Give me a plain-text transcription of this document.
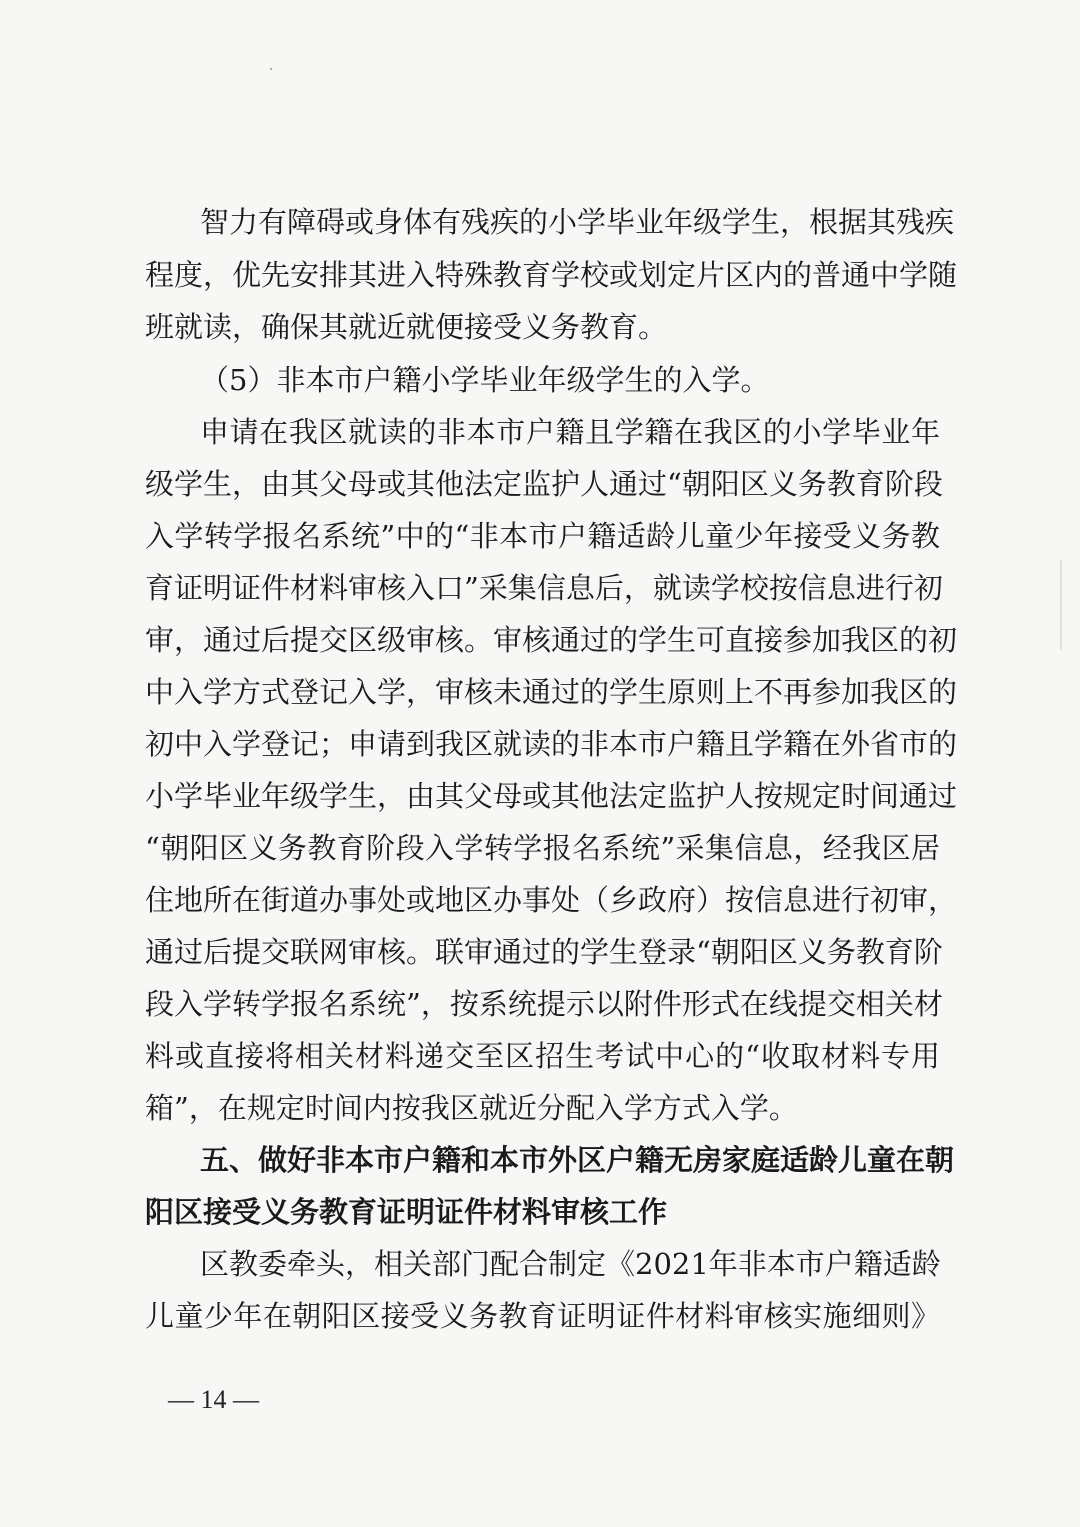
智力有障碍或身体有残疾的小学毕业年级学生，根据其残疾
程度，优先安排其进入特殊教育学校或划定片区内的普通中学随
班就读，确保其就近就便接受义务教育。
（5）非本市户籍小学毕业年级学生的入学。
申请在我区就读的非本市户籍且学籍在我区的小学毕业年
级学生，由其父母或其他法定监护人通过“朝阳区义务教育阶段
入学转学报名系统”中的“非本市户籍适龄儿童少年接受义务教
育证明证件材料审核入口”采集信息后，就读学校按信息进行初
审，通过后提交区级审核。审核通过的学生可直接参加我区的初
中入学方式登记入学，审核未通过的学生原则上不再参加我区的
初中入学登记；申请到我区就读的非本市户籍且学籍在外省市的
小学毕业年级学生，由其父母或其他法定监护人按规定时间通过
“朝阳区义务教育阶段入学转学报名系统”采集信息，经我区居
住地所在街道办事处或地区办事处（乡政府）按信息进行初审，
通过后提交联网审核。联审通过的学生登录“朝阳区义务教育阶
段入学转学报名系统”，按系统提示以附件形式在线提交相关材
料或直接将相关材料递交至区招生考试中心的“收取材料专用
箱”，在规定时间内按我区就近分配入学方式入学。
五、做好非本市户籍和本市外区户籍无房家庭适龄儿童在朝
阳区接受义务教育证明证件材料审核工作
区教委牵头，相关部门配合制定《2021年非本市户籍适龄
儿童少年在朝阳区接受义务教育证明证件材料审核实施细则》
— 14 —
